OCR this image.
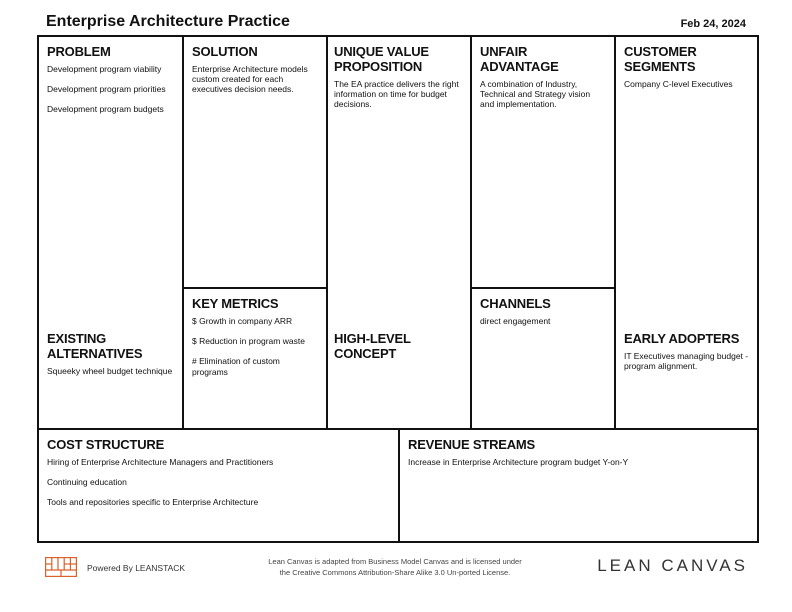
Enterprise Architecture Practice	Feb 24, 2024
PROBLEM
Development program viability
Development program priorities
Development program budgets
EXISTING ALTERNATIVES
Squeeky wheel budget technique
SOLUTION
Enterprise Architecture models custom created for each executives decision needs.
KEY METRICS
$ Growth in company ARR
$ Reduction in program waste
# Elimination of custom programs
UNIQUE VALUE PROPOSITION
The EA practice delivers the right information on time for budget decisions.
HIGH-LEVEL CONCEPT
UNFAIR ADVANTAGE
A combination of Industry, Technical and Strategy vision and implementation.
CHANNELS
direct engagement
CUSTOMER SEGMENTS
Company C-level Executives
EARLY ADOPTERS
IT Executives managing budget - program alignment.
COST STRUCTURE
Hiring of Enterprise Architecture Managers and Practitioners
Continuing education
Tools and repositories specific to Enterprise Architecture
REVENUE STREAMS
Increase in Enterprise Architecture program budget Y-on-Y
Powered By LEANSTACK
Lean Canvas is adapted from Business Model Canvas and is licensed under
the Creative Commons Attribution-Share Alike 3.0 Un-ported License.	LEAN CANVAS
